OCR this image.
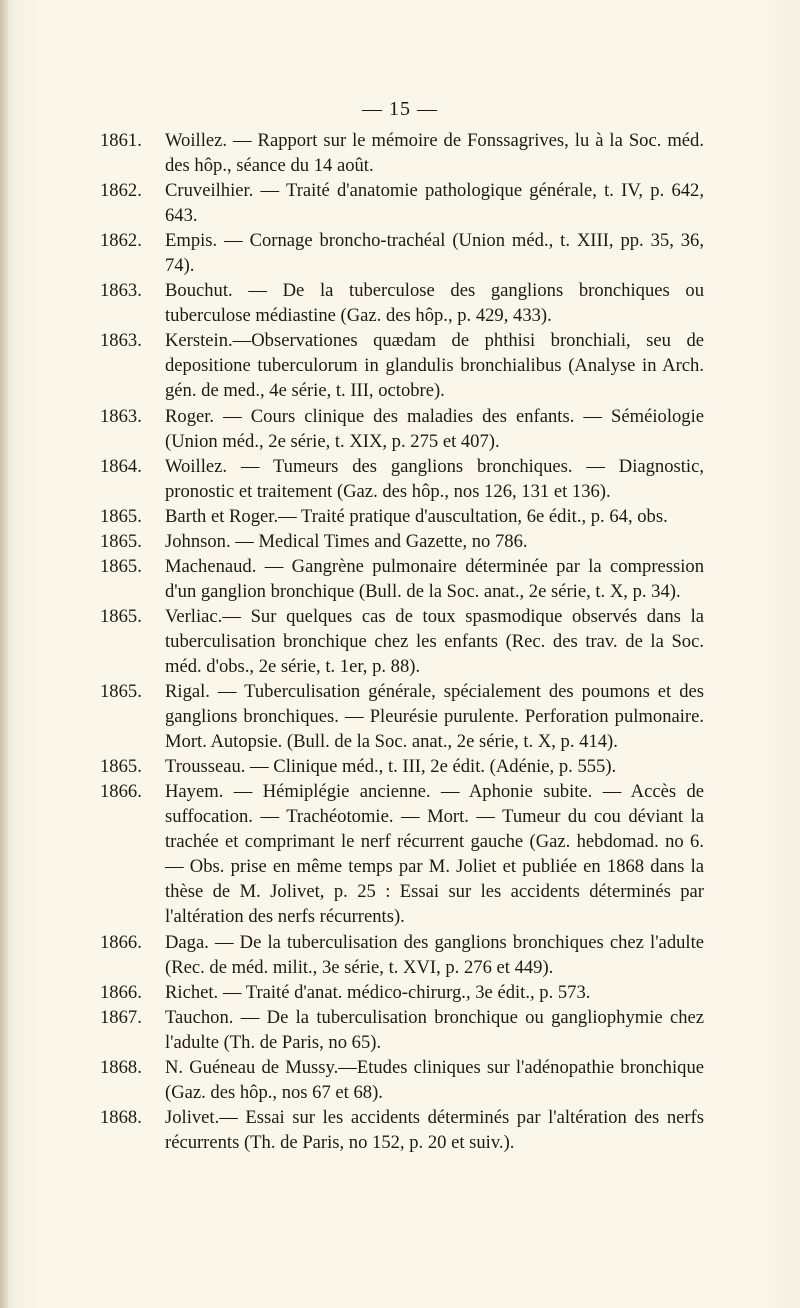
— 15 —
1861.	Woillez. — Rapport sur le mémoire de Fonssagrives, lu à la Soc. méd. des hôp., séance du 14 août.
1862.	Cruveilhier. — Traité d'anatomie pathologique générale, t. IV, p. 642, 643.
1862.	Empis. — Cornage broncho-trachéal (Union méd., t. XIII, pp. 35, 36, 74).
1863.	Bouchut. — De la tuberculose des ganglions bronchiques ou tuberculose médiastine (Gaz. des hôp., p. 429, 433).
1863.	Kerstein.—Observationes quædam de phthisi bronchiali, seu de depositione tuberculorum in glandulis bronchialibus (Analyse in Arch. gén. de med., 4e série, t. III, octobre).
1863.	Roger. — Cours clinique des maladies des enfants. — Séméiologie (Union méd., 2e série, t. XIX, p. 275 et 407).
1864.	Woillez. — Tumeurs des ganglions bronchiques. — Diagnostic, pronostic et traitement (Gaz. des hôp., nos 126, 131 et 136).
1865.	Barth et Roger.— Traité pratique d'auscultation, 6e édit., p. 64, obs.
1865.	Johnson. — Medical Times and Gazette, no 786.
1865.	Machenaud. — Gangrène pulmonaire déterminée par la compression d'un ganglion bronchique (Bull. de la Soc. anat., 2e série, t. X, p. 34).
1865.	Verliac.— Sur quelques cas de toux spasmodique observés dans la tuberculisation bronchique chez les enfants (Rec. des trav. de la Soc. méd. d'obs., 2e série, t. 1er, p. 88).
1865.	Rigal. — Tuberculisation générale, spécialement des poumons et des ganglions bronchiques. — Pleurésie purulente. Perforation pulmonaire. Mort. Autopsie. (Bull. de la Soc. anat., 2e série, t. X, p. 414).
1865.	Trousseau. — Clinique méd., t. III, 2e édit. (Adénie, p. 555).
1866.	Hayem. — Hémiplégie ancienne. — Aphonie subite. — Accès de suffocation. — Trachéotomie. — Mort. — Tumeur du cou déviant la trachée et comprimant le nerf récurrent gauche (Gaz. hebdomad. no 6. — Obs. prise en même temps par M. Joliet et publiée en 1868 dans la thèse de M. Jolivet, p. 25 : Essai sur les accidents déterminés par l'altération des nerfs récurrents).
1866.	Daga. — De la tuberculisation des ganglions bronchiques chez l'adulte (Rec. de méd. milit., 3e série, t. XVI, p. 276 et 449).
1866.	Richet. — Traité d'anat. médico-chirurg., 3e édit., p. 573.
1867.	Tauchon. — De la tuberculisation bronchique ou gangliophymie chez l'adulte (Th. de Paris, no 65).
1868.	N. Guéneau de Mussy.—Etudes cliniques sur l'adénopathie bronchique (Gaz. des hôp., nos 67 et 68).
1868.	Jolivet.— Essai sur les accidents déterminés par l'altération des nerfs récurrents (Th. de Paris, no 152, p. 20 et suiv.).
